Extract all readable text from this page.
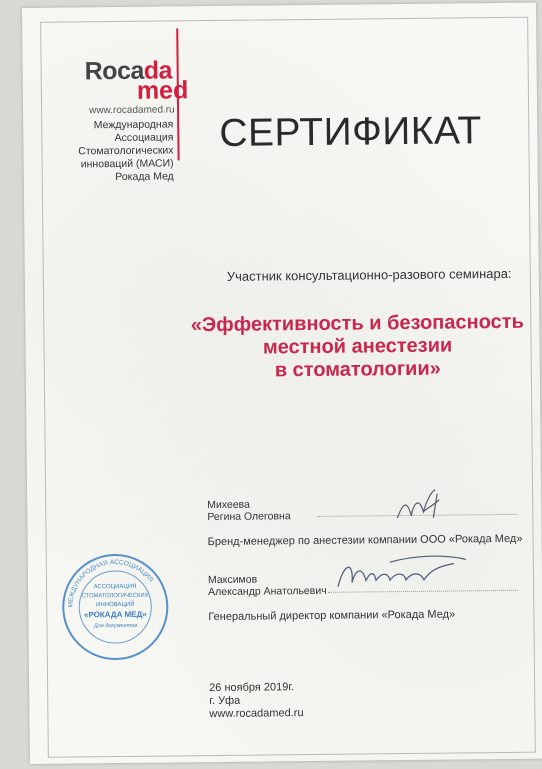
Rocada
med
www.rocadamed.ru
Международная
Ассоциация
Стоматологических
инноваций (МАСИ)
Рокада Мед
СЕРТИФИКАТ
Участник консультационно-разового семинара:
«Эффективность и безопасность
местной анестезии
в стоматологии»
Михеева
Регина Олеговна
Бренд-менеджер по анестезии компании ООО «Рокада Мед»
Максимов
Александр Анатольевич
Генеральный директор компании «Рокада Мед»
МЕЖДУНАРОДНАЯ АССОЦИАЦИЯ
АССОЦИАЦИЯ
СТОМАТОЛОГИЧЕСКИХ
ИННОВАЦИЙ
«РОКАДА МЕД»
Для документов
26 ноября 2019г.
г. Уфа
www.rocadamed.ru
